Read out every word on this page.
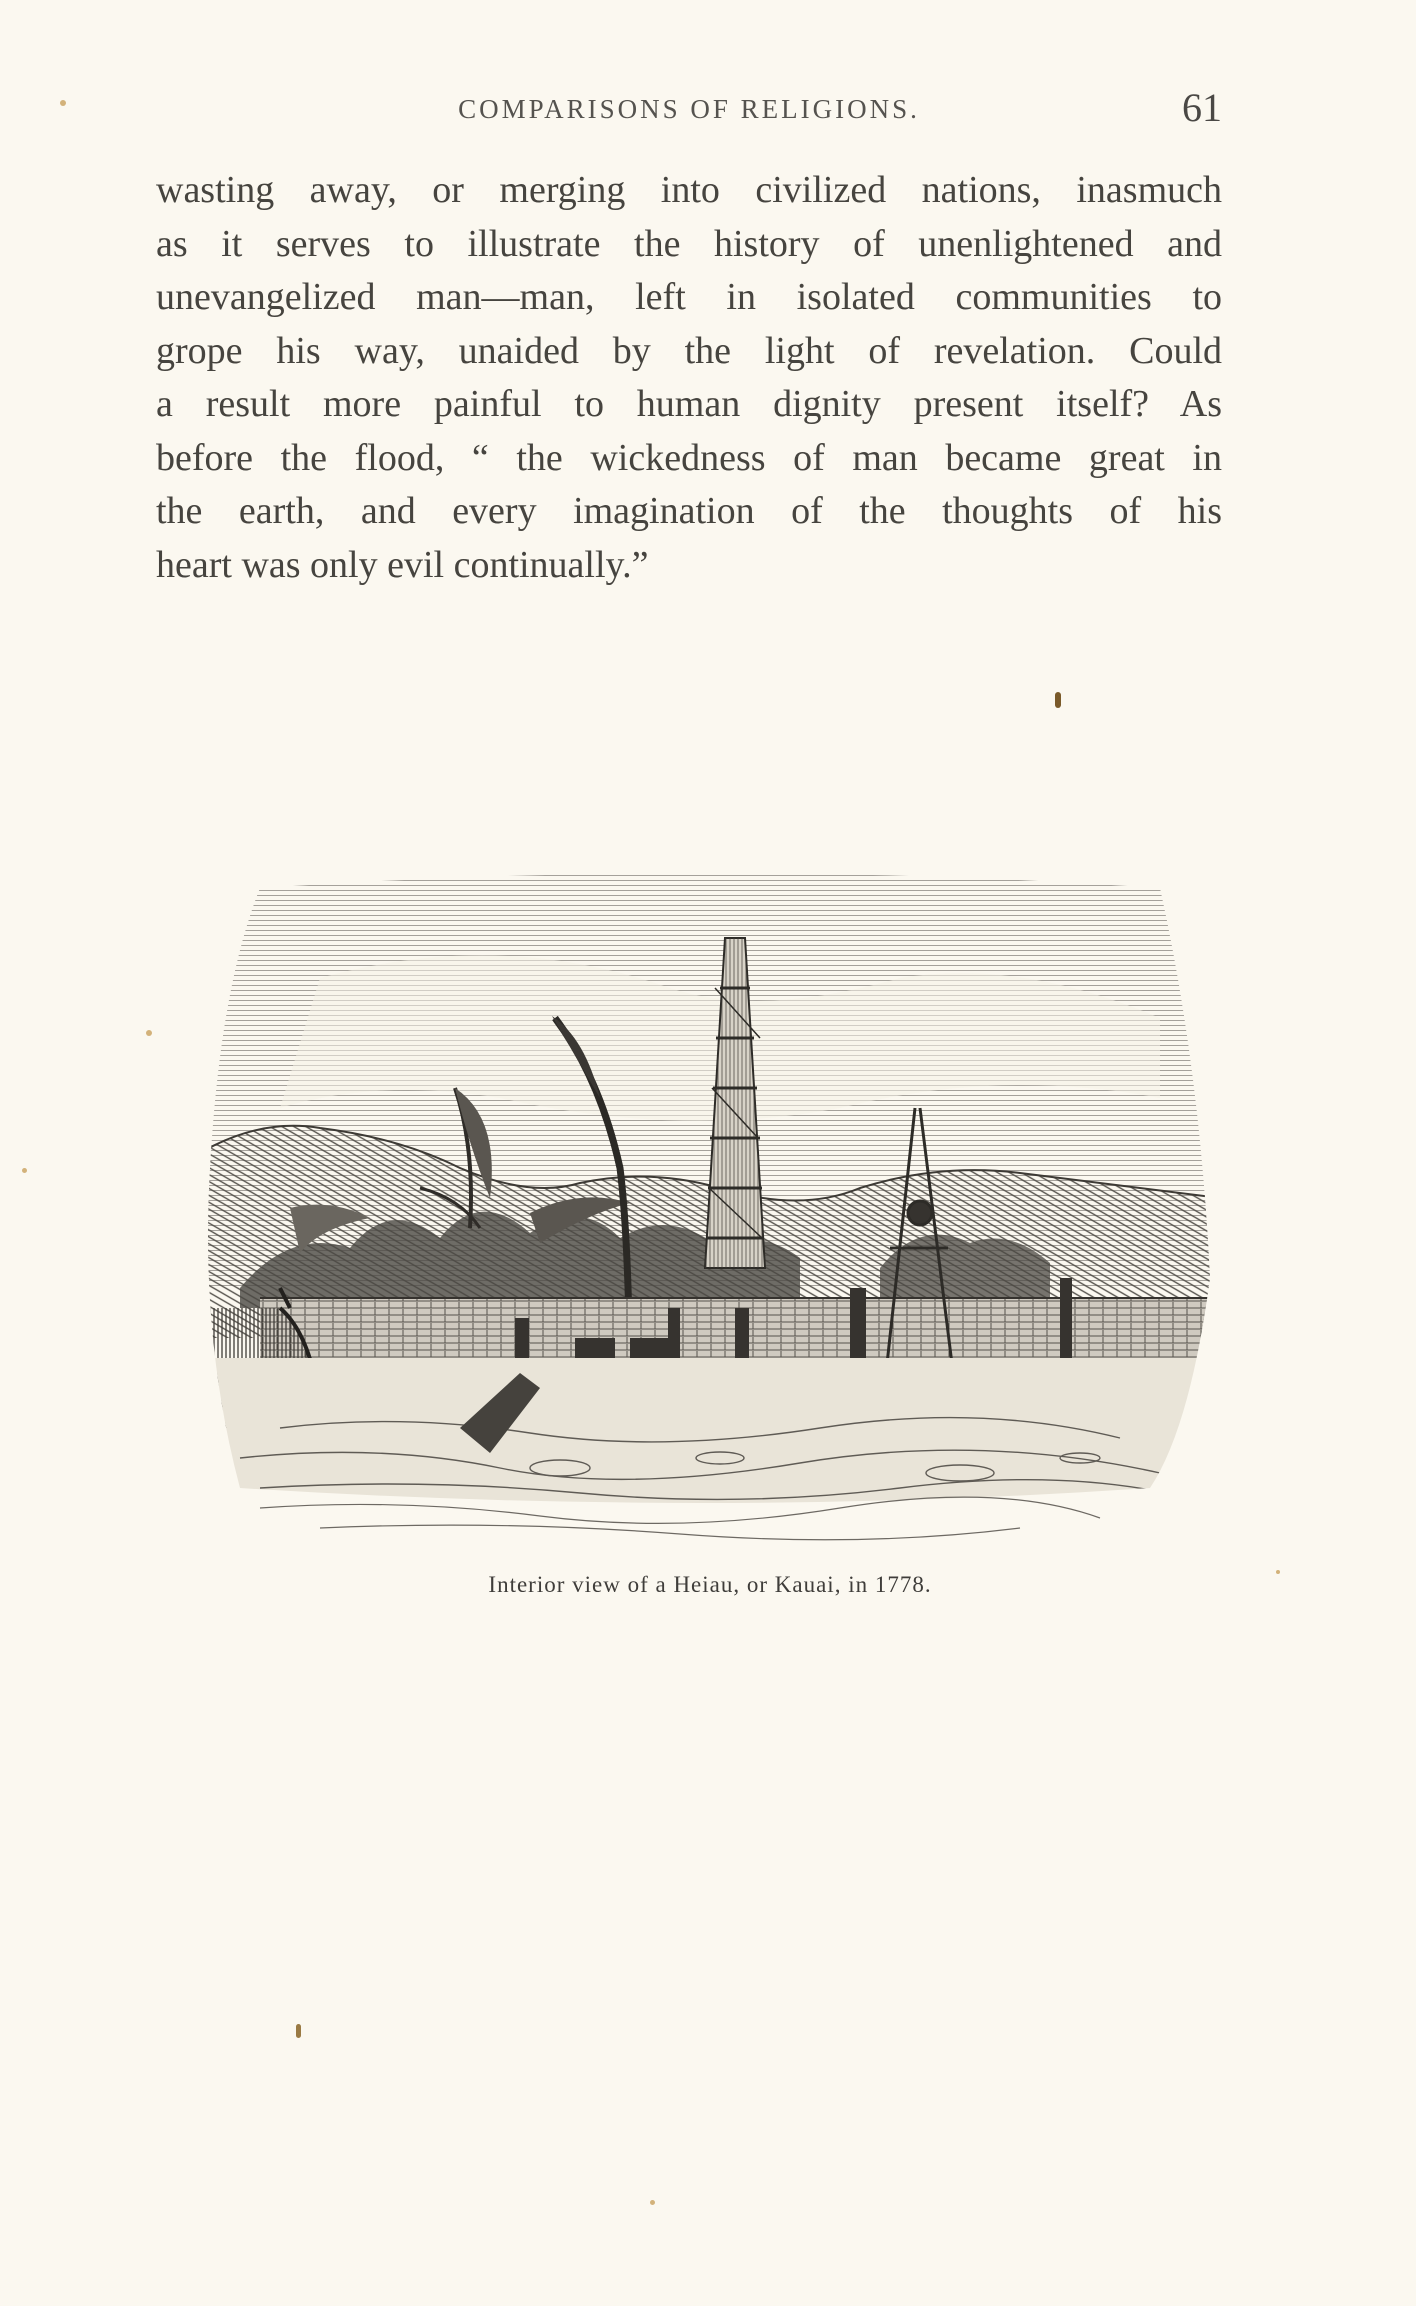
COMPARISONS OF RELIGIONS.	61
wasting away, or merging into civilized nations, inasmuch
as it serves to illustrate the history of unenlightened and
unevangelized man—man, left in isolated communities to
grope his way, unaided by the light of revelation. Could
a result more painful to human dignity present itself? As
before the flood, “ the wickedness of man became great in
the earth, and every imagination of the thoughts of his
heart was only evil continually.”
Interior view of a Heiau, or Kauai, in 1778.
